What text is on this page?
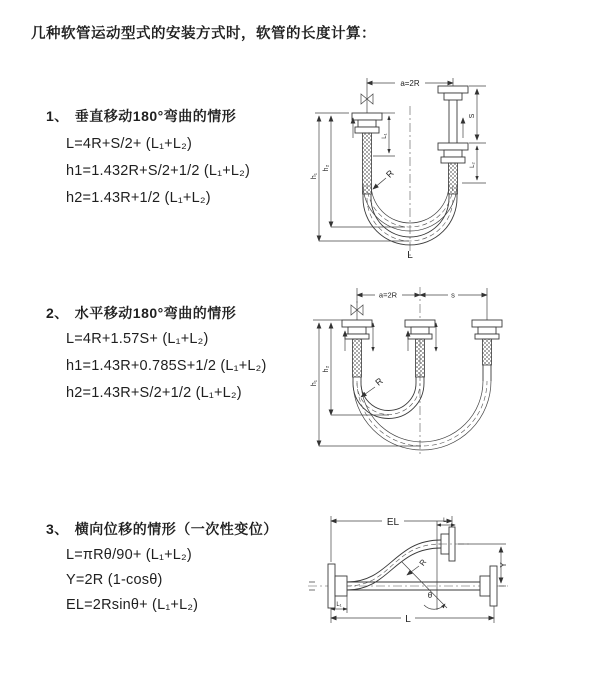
几种软管运动型式的安装方式时，软管的长度计算：
1、 垂直移动180°弯曲的情形
L=4R+S/2+ (L₁+L₂)
h1=1.432R+S/2+1/2 (L₁+L₂)
h2=1.43R+1/2 (L₁+L₂)
2、 水平移动180°弯曲的情形
L=4R+1.57S+ (L₁+L₂)
h1=1.43R+0.785S+1/2 (L₁+L₂)
h2=1.43R+S/2+1/2 (L₁+L₂)
3、 横向位移的情形（一次性变位）
L=πRθ/90+ (L₁+L₂)
Y=2R (1-cosθ)
EL=2Rsinθ+ (L₁+L₂)
a=2R
h₁
h₂
L₁
S
L₂
R
L
a=2R	s
h₁
h₂
R
EL	L₂
Y
θ
R
L₁
L
